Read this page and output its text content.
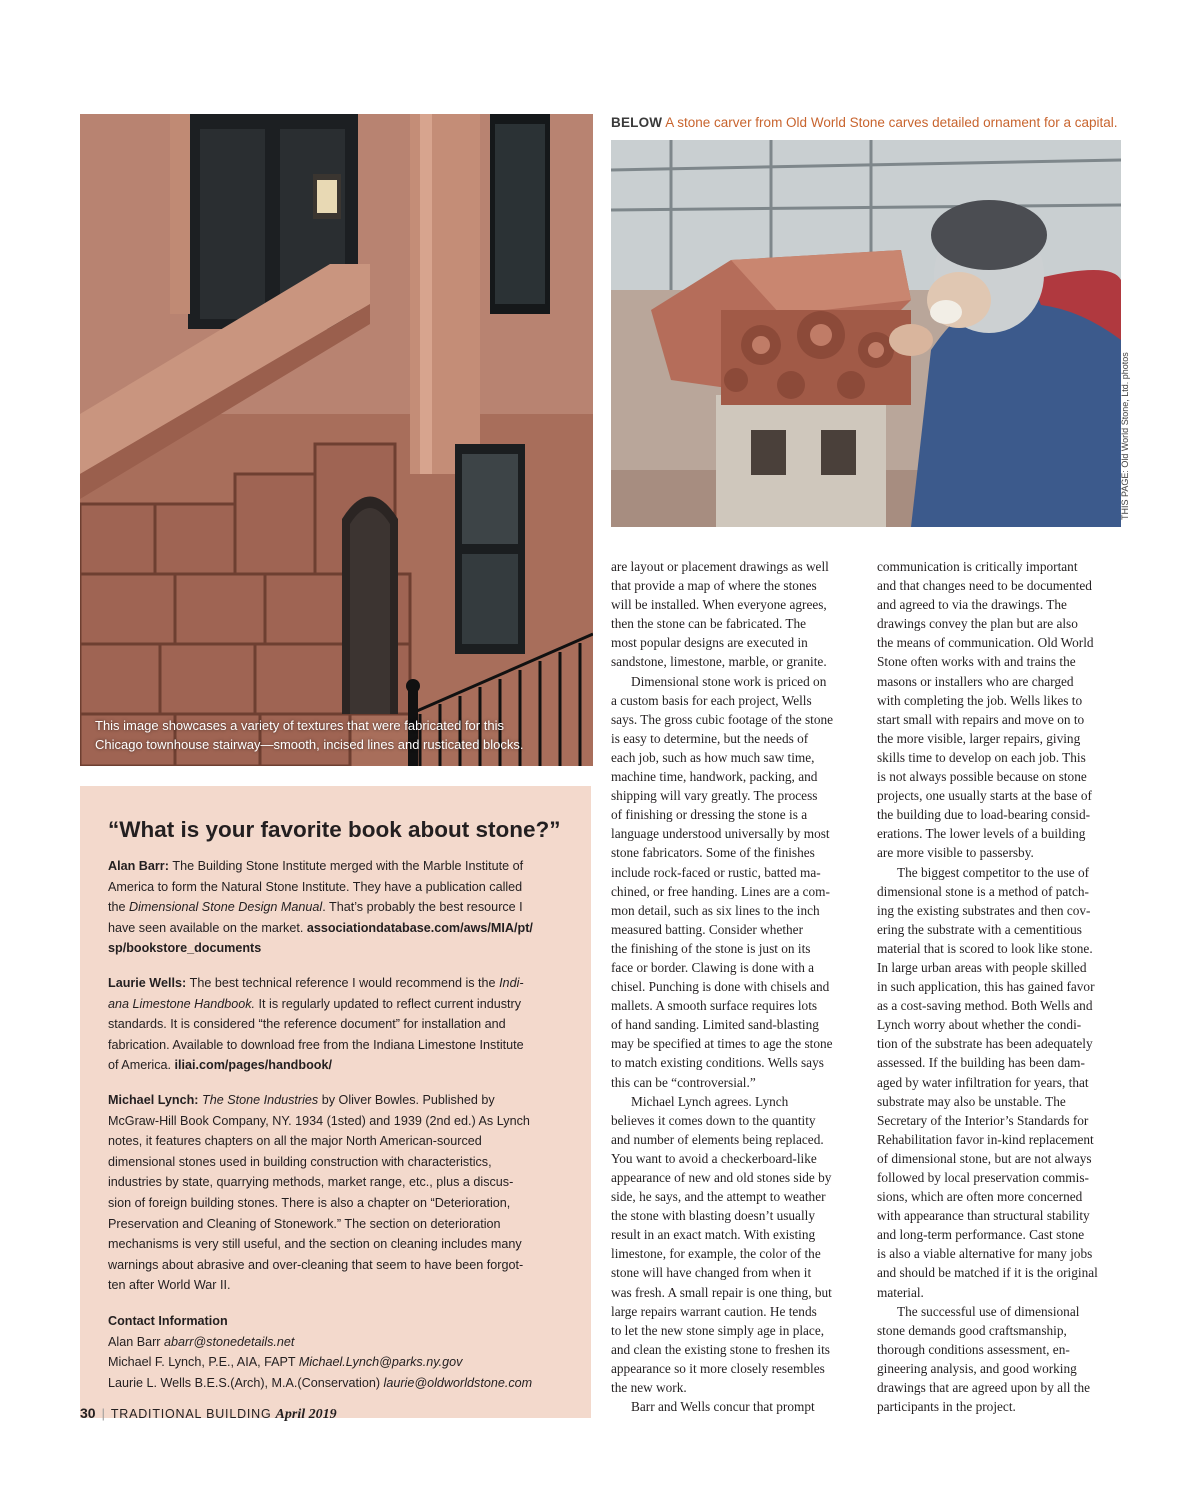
This image showcases a variety of textures that were fabricated for this
Chicago townhouse stairway—smooth, incised lines and rusticated blocks.
BELOW A stone carver from Old World Stone carves detailed ornament for a capital.
THIS PAGE: Old World Stone, Ltd. photos
“What is your favorite book about stone?”
Alan Barr: The Building Stone Institute merged with the Marble Institute of
America to form the Natural Stone Institute. They have a publication called
the Dimensional Stone Design Manual. That’s probably the best resource I
have seen available on the market. associationdatabase.com/aws/MIA/pt/
sp/bookstore_documents
Laurie Wells: The best technical reference I would recommend is the Indi-
ana Limestone Handbook. It is regularly updated to reflect current industry
standards. It is considered “the reference document” for installation and
fabrication. Available to download free from the Indiana Limestone Institute
of America. iliai.com/pages/handbook/
Michael Lynch: The Stone Industries by Oliver Bowles. Published by
McGraw-Hill Book Company, NY. 1934 (1sted) and 1939 (2nd ed.) As Lynch
notes, it features chapters on all the major North American-sourced
dimensional stones used in building construction with characteristics,
industries by state, quarrying methods, market range, etc., plus a discus-
sion of foreign building stones. There is also a chapter on “Deterioration,
Preservation and Cleaning of Stonework.” The section on deterioration
mechanisms is very still useful, and the section on cleaning includes many
warnings about abrasive and over-cleaning that seem to have been forgot-
ten after World War II.
Contact Information
Alan Barr abarr@stonedetails.net
Michael F. Lynch, P.E., AIA, FAPT Michael.Lynch@parks.ny.gov
Laurie L. Wells B.E.S.(Arch), M.A.(Conservation) laurie@oldworldstone.com
are layout or placement drawings as well
that provide a map of where the stones
will be installed. When everyone agrees,
then the stone can be fabricated. The
most popular designs are executed in
sandstone, limestone, marble, or granite.
Dimensional stone work is priced on
a custom basis for each project, Wells
says. The gross cubic footage of the stone
is easy to determine, but the needs of
each job, such as how much saw time,
machine time, handwork, packing, and
shipping will vary greatly. The process
of finishing or dressing the stone is a
language understood universally by most
stone fabricators. Some of the finishes
include rock-faced or rustic, batted ma-
chined, or free handing. Lines are a com-
mon detail, such as six lines to the inch
measured batting. Consider whether
the finishing of the stone is just on its
face or border. Clawing is done with a
chisel. Punching is done with chisels and
mallets. A smooth surface requires lots
of hand sanding. Limited sand-blasting
may be specified at times to age the stone
to match existing conditions. Wells says
this can be “controversial.”
Michael Lynch agrees. Lynch
believes it comes down to the quantity
and number of elements being replaced.
You want to avoid a checkerboard-like
appearance of new and old stones side by
side, he says, and the attempt to weather
the stone with blasting doesn’t usually
result in an exact match. With existing
limestone, for example, the color of the
stone will have changed from when it
was fresh. A small repair is one thing, but
large repairs warrant caution. He tends
to let the new stone simply age in place,
and clean the existing stone to freshen its
appearance so it more closely resembles
the new work.
Barr and Wells concur that prompt
communication is critically important
and that changes need to be documented
and agreed to via the drawings. The
drawings convey the plan but are also
the means of communication. Old World
Stone often works with and trains the
masons or installers who are charged
with completing the job. Wells likes to
start small with repairs and move on to
the more visible, larger repairs, giving
skills time to develop on each job. This
is not always possible because on stone
projects, one usually starts at the base of
the building due to load-bearing consid-
erations. The lower levels of a building
are more visible to passersby.
The biggest competitor to the use of
dimensional stone is a method of patch-
ing the existing substrates and then cov-
ering the substrate with a cementitious
material that is scored to look like stone.
In large urban areas with people skilled
in such application, this has gained favor
as a cost-saving method. Both Wells and
Lynch worry about whether the condi-
tion of the substrate has been adequately
assessed. If the building has been dam-
aged by water infiltration for years, that
substrate may also be unstable. The
Secretary of the Interior’s Standards for
Rehabilitation favor in-kind replacement
of dimensional stone, but are not always
followed by local preservation commis-
sions, which are often more concerned
with appearance than structural stability
and long-term performance. Cast stone
is also a viable alternative for many jobs
and should be matched if it is the original
material.
The successful use of dimensional
stone demands good craftsmanship,
thorough conditions assessment, en-
gineering analysis, and good working
drawings that are agreed upon by all the
participants in the project.
30 | TRADITIONAL BUILDING April 2019
